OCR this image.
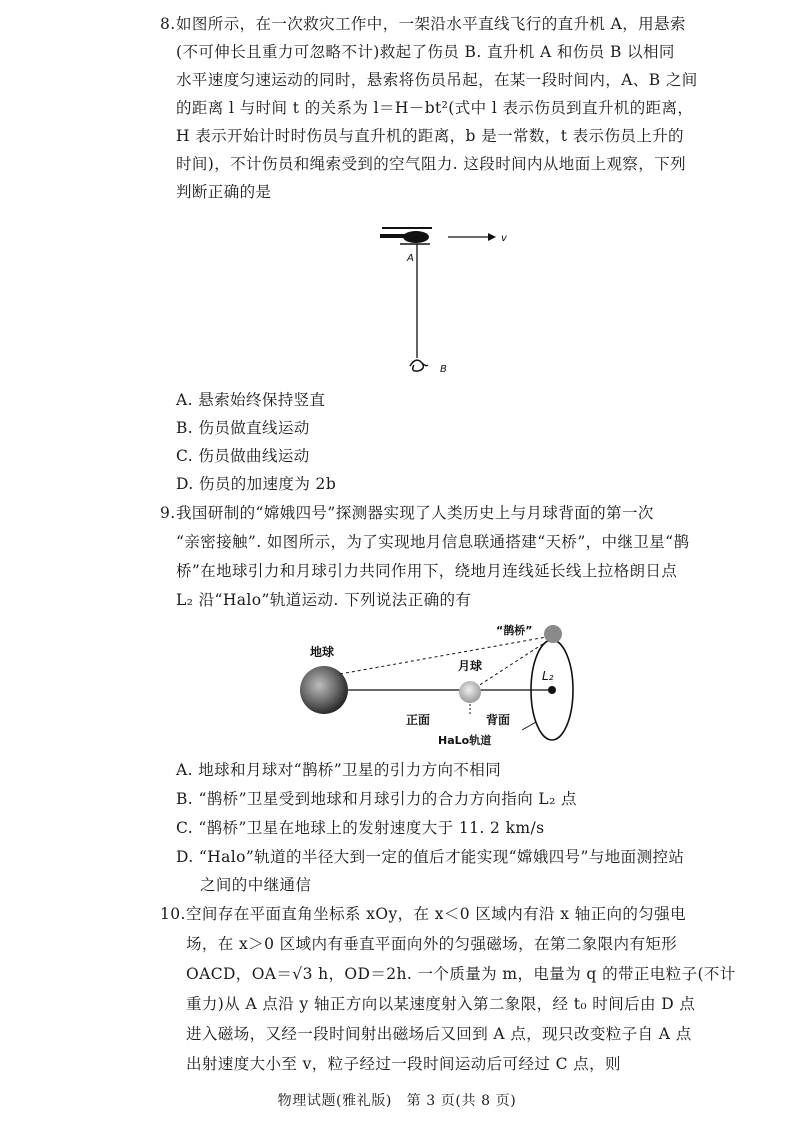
8. 如图所示，在一次救灾工作中，一架沿水平直线飞行的直升机 A，用悬索
(不可伸长且重力可忽略不计)救起了伤员 B. 直升机 A 和伤员 B 以相同
水平速度匀速运动的同时，悬索将伤员吊起，在某一段时间内，A、B 之间
的距离 l 与时间 t 的关系为 l＝H－bt²(式中 l 表示伤员到直升机的距离，
H 表示开始计时时伤员与直升机的距离，b 是一常数，t 表示伤员上升的
时间)，不计伤员和绳索受到的空气阻力. 这段时间内从地面上观察，下列
判断正确的是
v
A
B
A. 悬索始终保持竖直
B. 伤员做直线运动
C. 伤员做曲线运动
D. 伤员的加速度为 2b
9. 我国研制的“嫦娥四号”探测器实现了人类历史上与月球背面的第一次
“亲密接触”. 如图所示，为了实现地月信息联通搭建“天桥”，中继卫星“鹊
桥”在地球引力和月球引力共同作用下，绕地月连线延长线上拉格朗日点
L₂ 沿“Halo”轨道运动. 下列说法正确的有
地球
月球
正面	背面
L₂
“鹊桥”
HaLo轨道
A. 地球和月球对“鹊桥”卫星的引力方向不相同
B. “鹊桥”卫星受到地球和月球引力的合力方向指向 L₂ 点
C. “鹊桥”卫星在地球上的发射速度大于 11. 2 km/s
D. “Halo”轨道的半径大到一定的值后才能实现“嫦娥四号”与地面测控站
之间的中继通信
10. 空间存在平面直角坐标系 xOy，在 x＜0 区域内有沿 x 轴正向的匀强电
场，在 x＞0 区域内有垂直平面向外的匀强磁场，在第二象限内有矩形
OACD，OA＝√3 h，OD＝2h. 一个质量为 m，电量为 q 的带正电粒子(不计
重力)从 A 点沿 y 轴正方向以某速度射入第二象限，经 t₀ 时间后由 D 点
进入磁场，又经一段时间射出磁场后又回到 A 点，现只改变粒子自 A 点
出射速度大小至 v，粒子经过一段时间运动后可经过 C 点，则
物理试题(雅礼版)　第 3 页(共 8 页)
